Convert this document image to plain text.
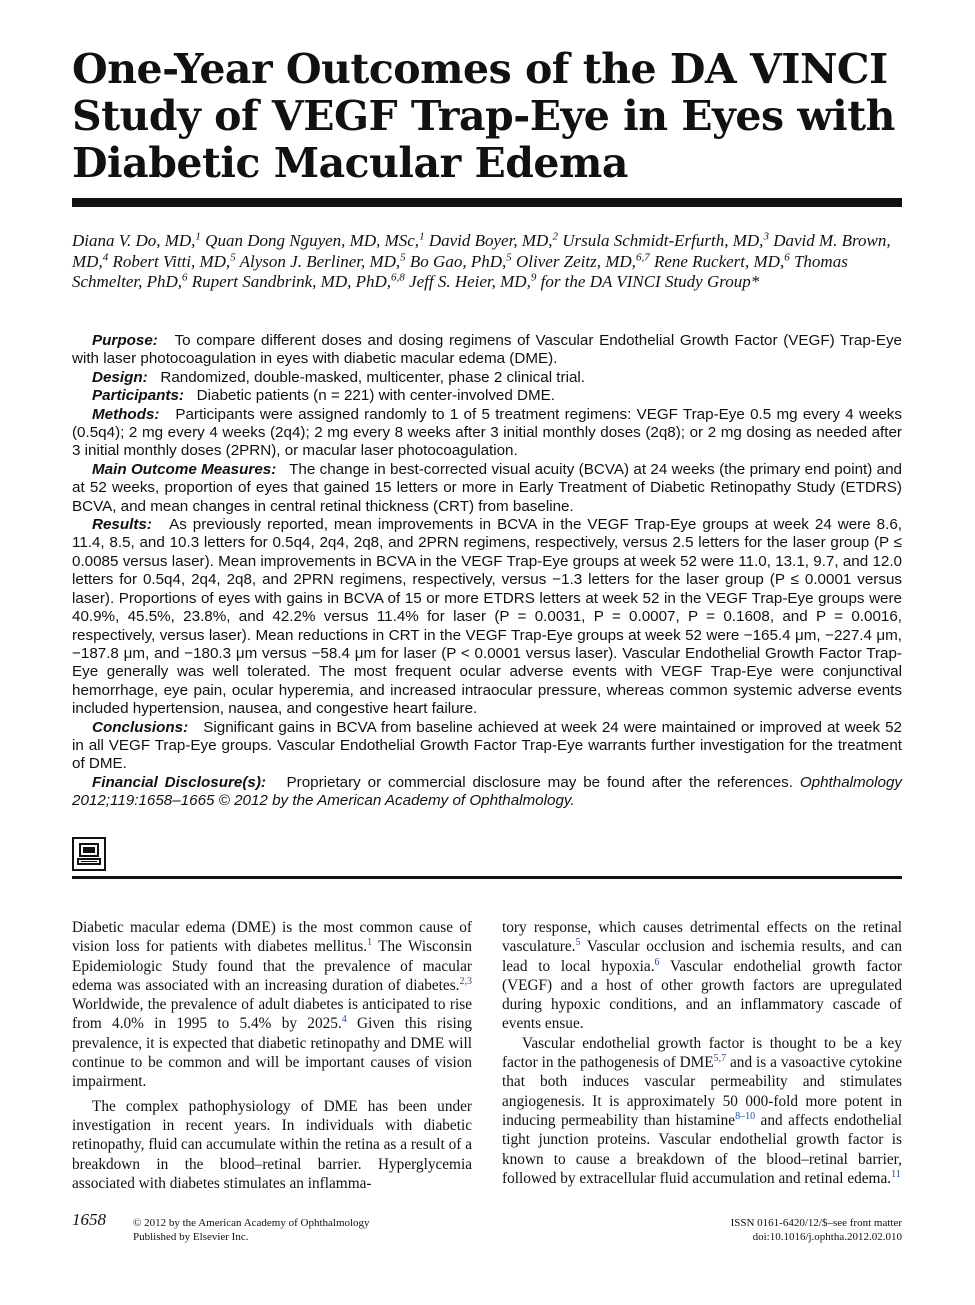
One-Year Outcomes of the DA VINCI Study of VEGF Trap-Eye in Eyes with Diabetic Macular Edema
Diana V. Do, MD,$^1$ Quan Dong Nguyen, MD, MSc,$^1$ David Boyer, MD,$^2$ Ursula Schmidt-Erfurth, MD,$^3$ David M. Brown, MD,$^4$ Robert Vitti, MD,$^5$ Alyson J. Berliner, MD,$^5$ Bo Gao, PhD,$^5$ Oliver Zeitz, MD,$^{6,7}$ Rene Ruckert, MD,$^6$ Thomas Schmelter, PhD,$^6$ Rupert Sandbrink, MD, PhD,$^{6,8}$ Jeff S. Heier, MD,$^9$ for the DA VINCI Study Group*

Purpose: To compare different doses and dosing regimens of Vascular Endothelial Growth Factor (VEGF) Trap-Eye with laser photocoagulation in eyes with diabetic macular edema (DME).

Design: Randomized, double-masked, multicenter, phase 2 clinical trial.

Participants: Diabetic patients (n = 221) with center-involved DME.

Methods: Participants were assigned randomly to 1 of 5 treatment regimens: VEGF Trap-Eye 0.5 mg every 4 weeks (0.5q4); 2 mg every 4 weeks (2q4); 2 mg every 8 weeks after 3 initial monthly doses (2q8); or 2 mg dosing as needed after 3 initial monthly doses (2PRN), or macular laser photocoagulation.

Main Outcome Measures: The change in best-corrected visual acuity (BCVA) at 24 weeks (the primary end point) and at 52 weeks, proportion of eyes that gained 15 letters or more in Early Treatment of Diabetic Retinopathy Study (ETDRS) BCVA, and mean changes in central retinal thickness (CRT) from baseline.

Results: As previously reported, mean improvements in BCVA in the VEGF Trap-Eye groups at week 24 were 8.6, 11.4, 8.5, and 10.3 letters for 0.5q4, 2q4, 2q8, and 2PRN regimens, respectively, versus 2.5 letters for the laser group (P ≤ 0.0085 versus laser). Mean improvements in BCVA in the VEGF Trap-Eye groups at week 52 were 11.0, 13.1, 9.7, and 12.0 letters for 0.5q4, 2q4, 2q8, and 2PRN regimens, respectively, versus −1.3 letters for the laser group (P ≤ 0.0001 versus laser). Proportions of eyes with gains in BCVA of 15 or more ETDRS letters at week 52 in the VEGF Trap-Eye groups were 40.9%, 45.5%, 23.8%, and 42.2% versus 11.4% for laser (P = 0.0031, P = 0.0007, P = 0.1608, and P = 0.0016, respectively, versus laser). Mean reductions in CRT in the VEGF Trap-Eye groups at week 52 were −165.4 μm, −227.4 μm, −187.8 μm, and −180.3 μm versus −58.4 μm for laser (P < 0.0001 versus laser). Vascular Endothelial Growth Factor Trap-Eye generally was well tolerated. The most frequent ocular adverse events with VEGF Trap-Eye were conjunctival hemorrhage, eye pain, ocular hyperemia, and increased intraocular pressure, whereas common systemic adverse events included hypertension, nausea, and congestive heart failure.

Conclusions: Significant gains in BCVA from baseline achieved at week 24 were maintained or improved at week 52 in all VEGF Trap-Eye groups. Vascular Endothelial Growth Factor Trap-Eye warrants further investigation for the treatment of DME.

Financial Disclosure(s): Proprietary or commercial disclosure may be found after the references. Ophthalmology 2012;119:1658–1665 © 2012 by the American Academy of Ophthalmology.

Diabetic macular edema (DME) is the most common cause of vision loss for patients with diabetes mellitus.$^1$ The Wisconsin Epidemiologic Study found that the prevalence of macular edema was associated with an increasing duration of diabetes.$^{2,3}$ Worldwide, the prevalence of adult diabetes is anticipated to rise from 4.0% in 1995 to 5.4% by 2025.$^4$ Given this rising prevalence, it is expected that diabetic retinopathy and DME will continue to be common and will be important causes of vision impairment.

The complex pathophysiology of DME has been under investigation in recent years. In individuals with diabetic retinopathy, fluid can accumulate within the retina as a result of a breakdown in the blood–retinal barrier. Hyperglycemia associated with diabetes stimulates an inflamma-

tory response, which causes detrimental effects on the retinal vasculature.$^5$ Vascular occlusion and ischemia results, and can lead to local hypoxia.$^6$ Vascular endothelial growth factor (VEGF) and a host of other growth factors are upregulated during hypoxic conditions, and an inflammatory cascade of events ensue.

Vascular endothelial growth factor is thought to be a key factor in the pathogenesis of DME$^{5,7}$ and is a vasoactive cytokine that both induces vascular permeability and stimulates angiogenesis. It is approximately 50 000-fold more potent in inducing permeability than histamine$^{8-10}$ and affects endothelial tight junction proteins. Vascular endothelial growth factor is known to cause a breakdown of the blood–retinal barrier, followed by extracellular fluid accumulation and retinal edema.$^{11}$

1658 © 2012 by the American Academy of Ophthalmology
Published by Elsevier Inc.
ISSN 0161-6420/12/$–see front matter
doi:10.1016/j.ophtha.2012.02.010
